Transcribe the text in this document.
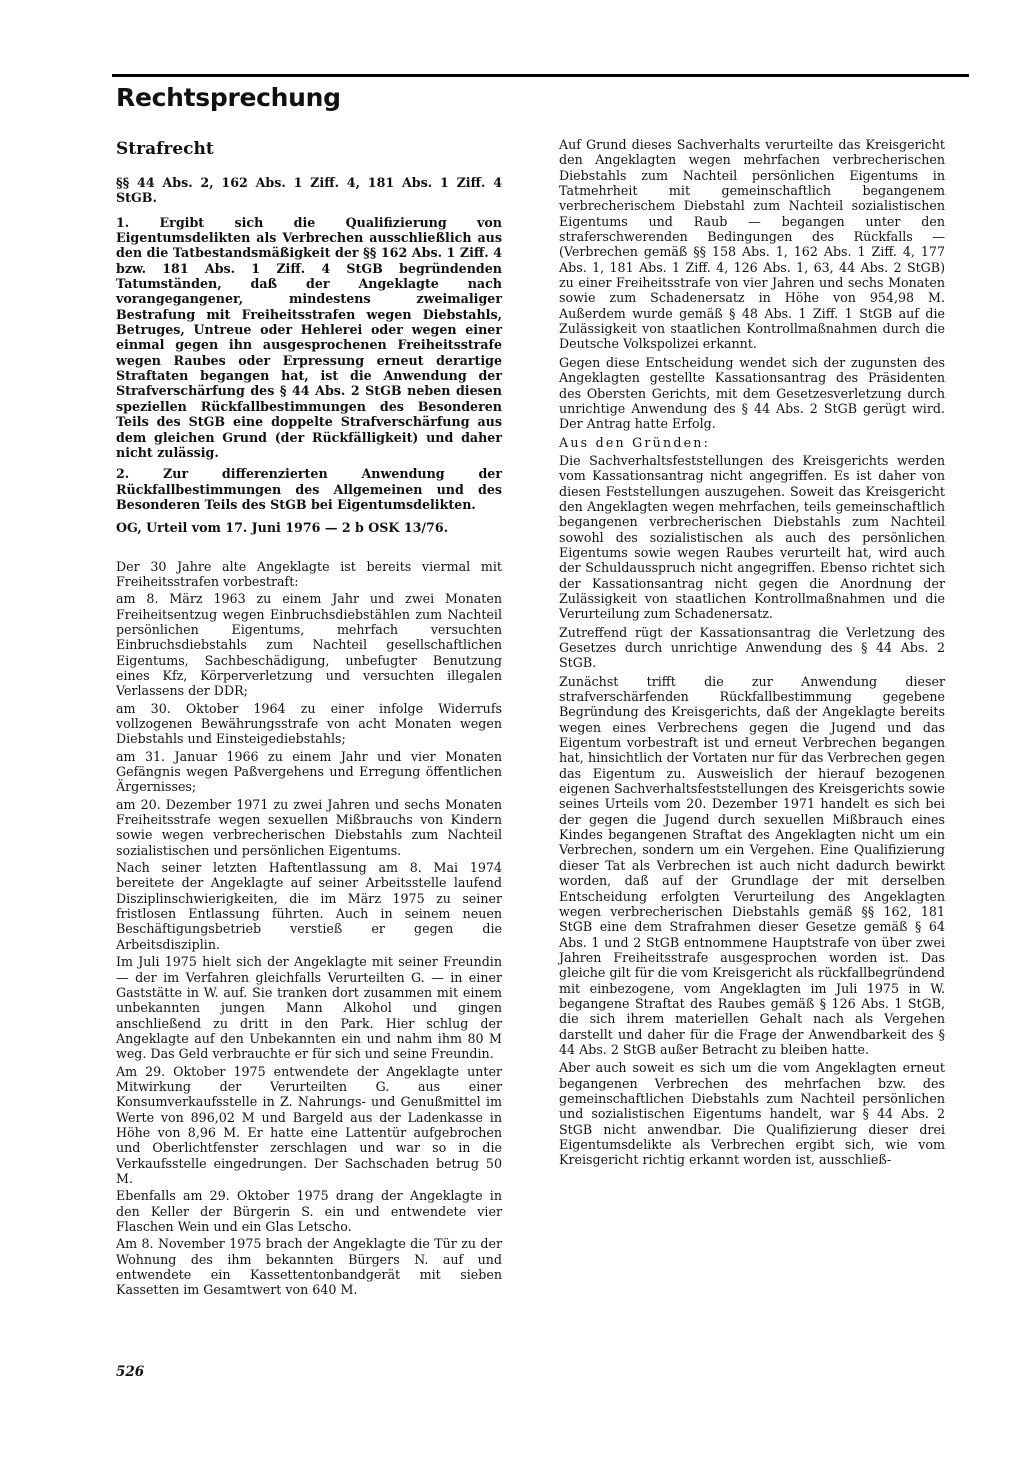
Rechtsprechung
Strafrecht

§§ 44 Abs. 2, 162 Abs. 1 Ziff. 4, 181 Abs. 1 Ziff. 4 StGB.

1. Ergibt sich die Qualifizierung von Eigentumsdelikten als Verbrechen ausschließlich aus den die Tatbestandsmäßigkeit der §§ 162 Abs. 1 Ziff. 4 bzw. 181 Abs. 1 Ziff. 4 StGB begründenden Tatumständen, daß der Angeklagte nach vorangegangener, mindestens zweimaliger Bestrafung mit Freiheitsstrafen wegen Diebstahls, Betruges, Untreue oder Hehlerei oder wegen einer einmal gegen ihn ausgesprochenen Freiheitsstrafe wegen Raubes oder Erpressung erneut derartige Straftaten begangen hat, ist die Anwendung der Strafverschärfung des § 44 Abs. 2 StGB neben diesen speziellen Rückfallbestimmungen des Besonderen Teils des StGB eine doppelte Strafverschärfung aus dem gleichen Grund (der Rückfälligkeit) und daher nicht zulässig.

2. Zur differenzierten Anwendung der Rückfallbestimmungen des Allgemeinen und des Besonderen Teils des StGB bei Eigentumsdelikten.

OG, Urteil vom 17. Juni 1976 — 2 b OSK 13/76.

Der 30 Jahre alte Angeklagte ist bereits viermal mit Freiheitsstrafen vorbestraft:

am 8. März 1963 zu einem Jahr und zwei Monaten Freiheitsentzug wegen Einbruchsdiebstählen zum Nachteil persönlichen Eigentums, mehrfach versuchten Einbruchsdiebstahls zum Nachteil gesellschaftlichen Eigentums, Sachbeschädigung, unbefugter Benutzung eines Kfz, Körperverletzung und versuchten illegalen Verlassens der DDR;

am 30. Oktober 1964 zu einer infolge Widerrufs vollzogenen Bewährungsstrafe von acht Monaten wegen Diebstahls und Einsteigediebstahls;

am 31. Januar 1966 zu einem Jahr und vier Monaten Gefängnis wegen Paßvergehens und Erregung öffentlichen Ärgernisses;

am 20. Dezember 1971 zu zwei Jahren und sechs Monaten Freiheitsstrafe wegen sexuellen Mißbrauchs von Kindern sowie wegen verbrecherischen Diebstahls zum Nachteil sozialistischen und persönlichen Eigentums.

Nach seiner letzten Haftentlassung am 8. Mai 1974 bereitete der Angeklagte auf seiner Arbeitsstelle laufend Disziplinschwierigkeiten, die im März 1975 zu seiner fristlosen Entlassung führten. Auch in seinem neuen Beschäftigungsbetrieb verstieß er gegen die Arbeitsdisziplin.

Im Juli 1975 hielt sich der Angeklagte mit seiner Freundin — der im Verfahren gleichfalls Verurteilten G. — in einer Gaststätte in W. auf. Sie tranken dort zusammen mit einem unbekannten jungen Mann Alkohol und gingen anschließend zu dritt in den Park. Hier schlug der Angeklagte auf den Unbekannten ein und nahm ihm 80 M weg. Das Geld verbrauchte er für sich und seine Freundin.

Am 29. Oktober 1975 entwendete der Angeklagte unter Mitwirkung der Verurteilten G. aus einer Konsumverkaufsstelle in Z. Nahrungs- und Genußmittel im Werte von 896,02 M und Bargeld aus der Ladenkasse in Höhe von 8,96 M. Er hatte eine Lattentür aufgebrochen und Oberlichtfenster zerschlagen und war so in die Verkaufsstelle eingedrungen. Der Sachschaden betrug 50 M.

Ebenfalls am 29. Oktober 1975 drang der Angeklagte in den Keller der Bürgerin S. ein und entwendete vier Flaschen Wein und ein Glas Letscho.

Am 8. November 1975 brach der Angeklagte die Tür zu der Wohnung des ihm bekannten Bürgers N. auf und entwendete ein Kassettentonbandgerät mit sieben Kassetten im Gesamtwert von 640 M.

Auf Grund dieses Sachverhalts verurteilte das Kreisgericht den Angeklagten wegen mehrfachen verbrecherischen Diebstahls zum Nachteil persönlichen Eigentums in Tatmehrheit mit gemeinschaftlich begangenem verbrecherischem Diebstahl zum Nachteil sozialistischen Eigentums und Raub — begangen unter den straferschwerenden Bedingungen des Rückfalls — (Verbrechen gemäß §§ 158 Abs. 1, 162 Abs. 1 Ziff. 4, 177 Abs. 1, 181 Abs. 1 Ziff. 4, 126 Abs. 1, 63, 44 Abs. 2 StGB) zu einer Freiheitsstrafe von vier Jahren und sechs Monaten sowie zum Schadenersatz in Höhe von 954,98 M. Außerdem wurde gemäß § 48 Abs. 1 Ziff. 1 StGB auf die Zulässigkeit von staatlichen Kontrollmaßnahmen durch die Deutsche Volkspolizei erkannt.

Gegen diese Entscheidung wendet sich der zugunsten des Angeklagten gestellte Kassationsantrag des Präsidenten des Obersten Gerichts, mit dem Gesetzesverletzung durch unrichtige Anwendung des § 44 Abs. 2 StGB gerügt wird. Der Antrag hatte Erfolg.

Aus den Gründen:

Die Sachverhaltsfeststellungen des Kreisgerichts werden vom Kassationsantrag nicht angegriffen. Es ist daher von diesen Feststellungen auszugehen. Soweit das Kreisgericht den Angeklagten wegen mehrfachen, teils gemeinschaftlich begangenen verbrecherischen Diebstahls zum Nachteil sowohl des sozialistischen als auch des persönlichen Eigentums sowie wegen Raubes verurteilt hat, wird auch der Schuldausspruch nicht angegriffen. Ebenso richtet sich der Kassationsantrag nicht gegen die Anordnung der Zulässigkeit von staatlichen Kontrollmaßnahmen und die Verurteilung zum Schadenersatz.

Zutreffend rügt der Kassationsantrag die Verletzung des Gesetzes durch unrichtige Anwendung des § 44 Abs. 2 StGB.

Zunächst trifft die zur Anwendung dieser strafverschärfenden Rückfallbestimmung gegebene Begründung des Kreisgerichts, daß der Angeklagte bereits wegen eines Verbrechens gegen die Jugend und das Eigentum vorbestraft ist und erneut Verbrechen begangen hat, hinsichtlich der Vortaten nur für das Verbrechen gegen das Eigentum zu. Ausweislich der hierauf bezogenen eigenen Sachverhaltsfeststellungen des Kreisgerichts sowie seines Urteils vom 20. Dezember 1971 handelt es sich bei der gegen die Jugend durch sexuellen Mißbrauch eines Kindes begangenen Straftat des Angeklagten nicht um ein Verbrechen, sondern um ein Vergehen. Eine Qualifizierung dieser Tat als Verbrechen ist auch nicht dadurch bewirkt worden, daß auf der Grundlage der mit derselben Entscheidung erfolgten Verurteilung des Angeklagten wegen verbrecherischen Diebstahls gemäß §§ 162, 181 StGB eine dem Strafrahmen dieser Gesetze gemäß § 64 Abs. 1 und 2 StGB entnommene Hauptstrafe von über zwei Jahren Freiheitsstrafe ausgesprochen worden ist. Das gleiche gilt für die vom Kreisgericht als rückfallbegründend mit einbezogene, vom Angeklagten im Juli 1975 in W. begangene Straftat des Raubes gemäß § 126 Abs. 1 StGB, die sich ihrem materiellen Gehalt nach als Vergehen darstellt und daher für die Frage der Anwendbarkeit des § 44 Abs. 2 StGB außer Betracht zu bleiben hatte.

Aber auch soweit es sich um die vom Angeklagten erneut begangenen Verbrechen des mehrfachen bzw. des gemeinschaftlichen Diebstahls zum Nachteil persönlichen und sozialistischen Eigentums handelt, war § 44 Abs. 2 StGB nicht anwendbar. Die Qualifizierung dieser drei Eigentumsdelikte als Verbrechen ergibt sich, wie vom Kreisgericht richtig erkannt worden ist, ausschließ-

526
